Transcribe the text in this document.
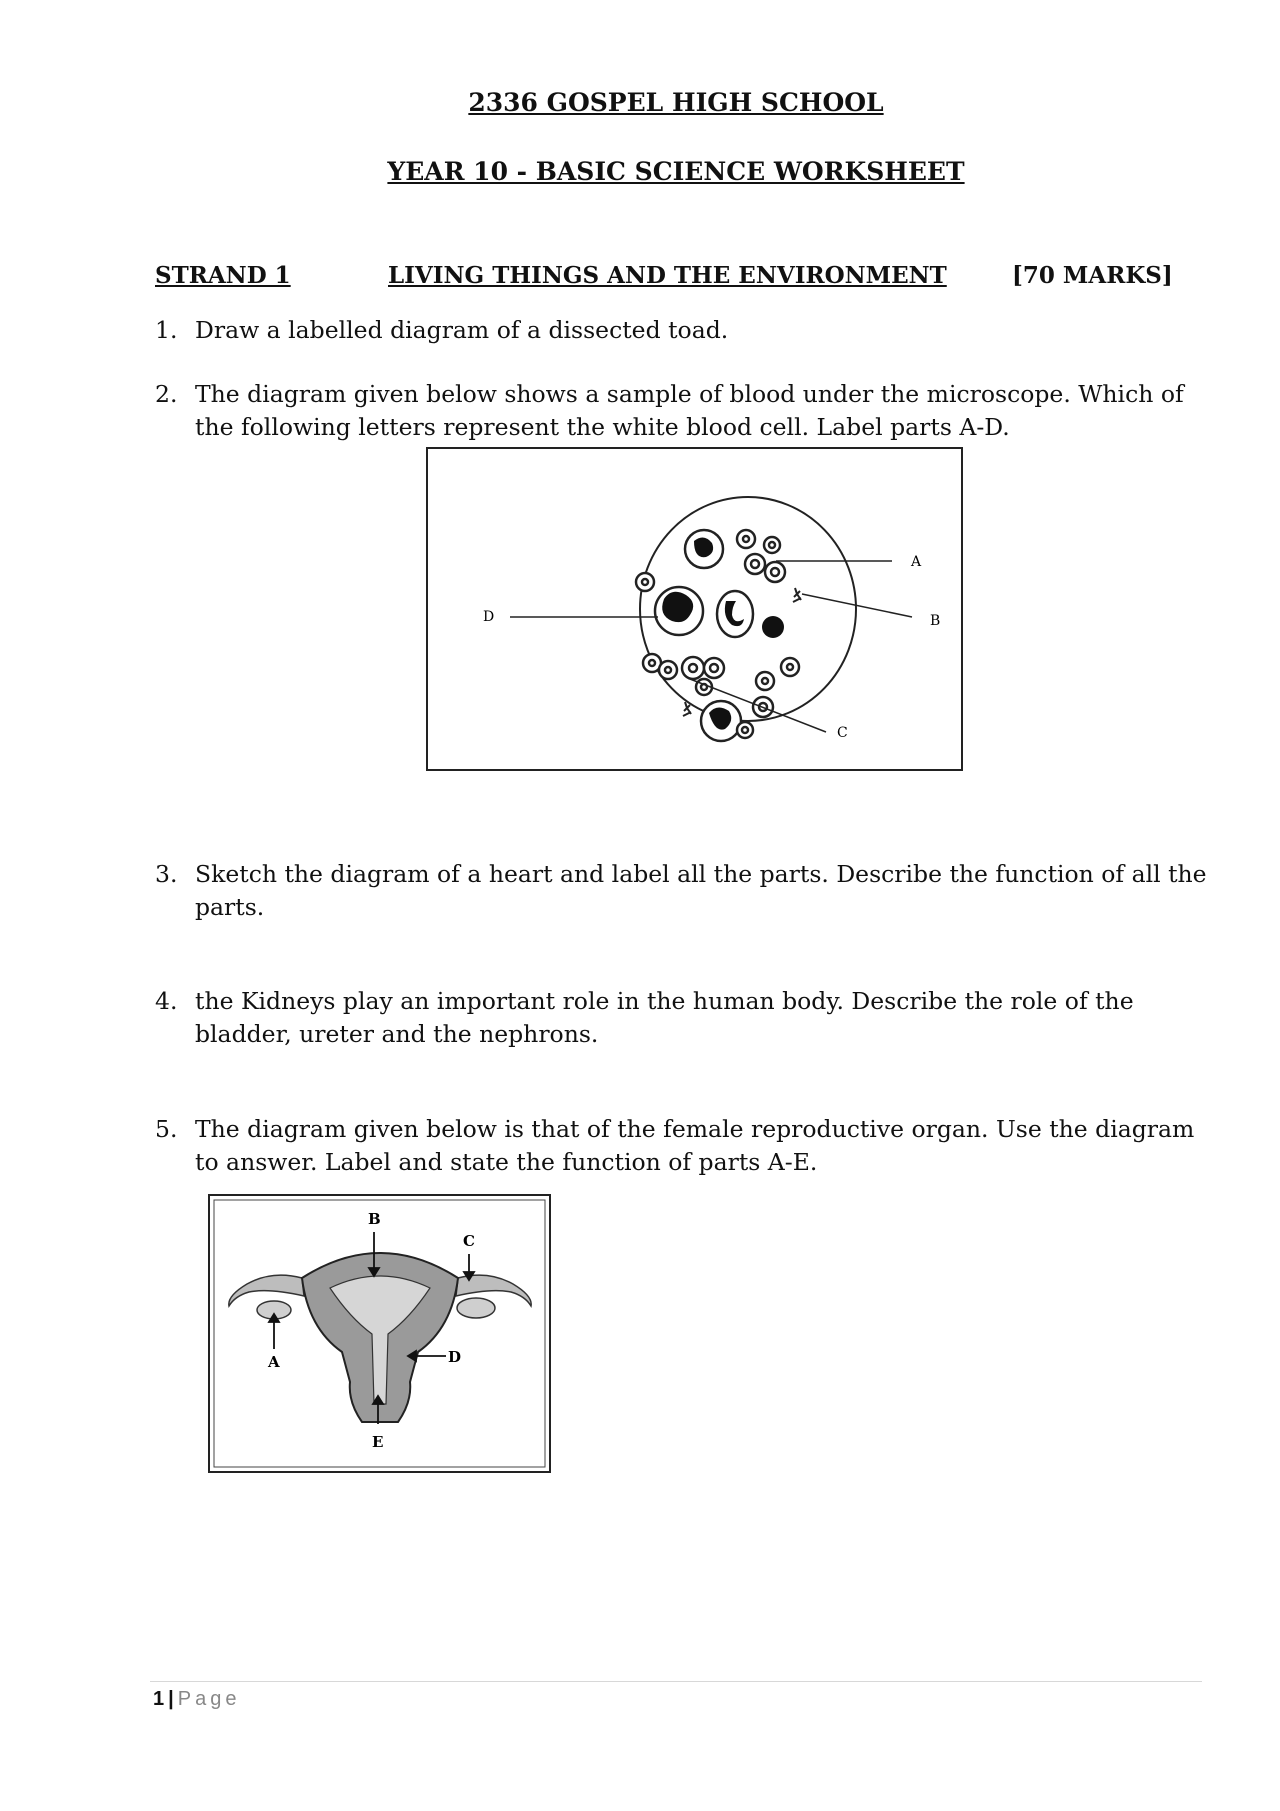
2336 GOSPEL HIGH SCHOOL
YEAR 10 - BASIC SCIENCE WORKSHEET
STRAND 1	LIVING THINGS AND THE ENVIRONMENT	[70 MARKS]
1. Draw a labelled diagram of a dissected toad.
2. The diagram given below shows a sample of blood under the microscope. Which of the following letters represent the white blood cell. Label parts A-D.
A
B
C
D
3. Sketch the diagram of a heart and label all the parts. Describe the function of all the parts.
4. the Kidneys play an important role in the human body. Describe the role of the bladder, ureter and the nephrons.
5. The diagram given below is that of the female reproductive organ. Use the diagram to answer. Label and state the function of parts A-E.
B
C
A	D
E
1 | Page
